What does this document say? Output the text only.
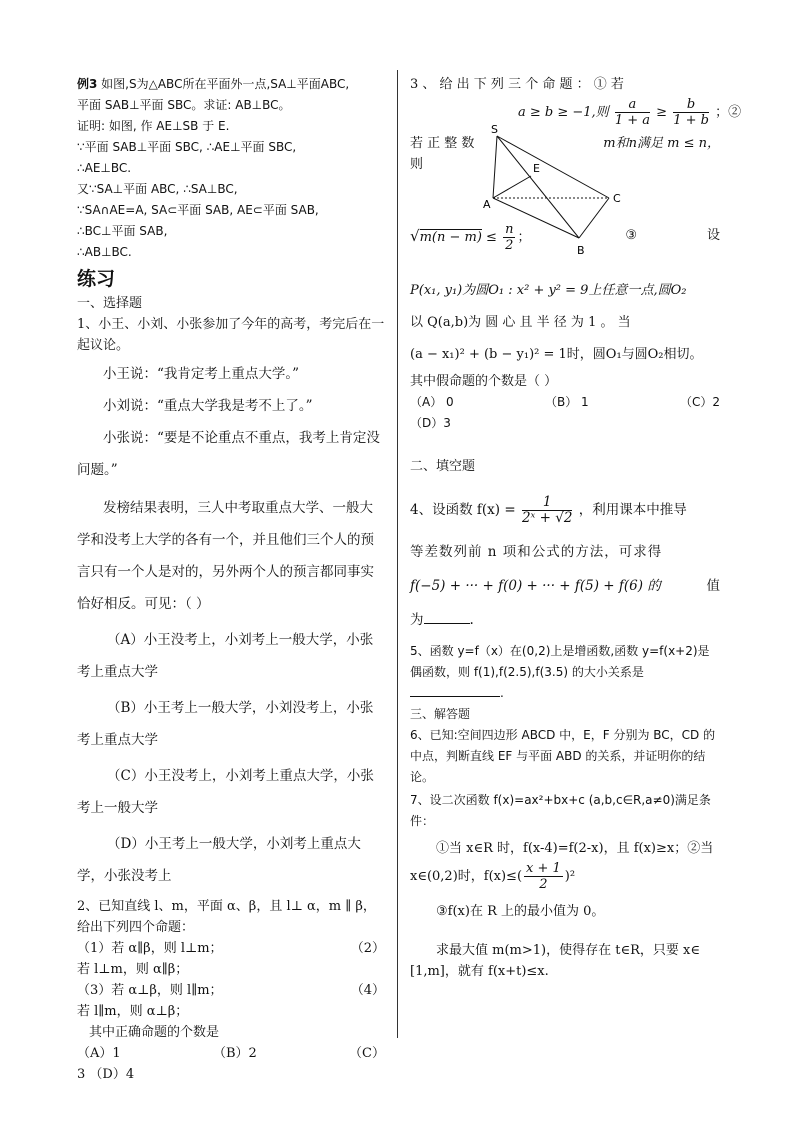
例3 如图,S为△ABC所在平面外一点,SA⊥平面ABC,
平面 SAB⊥平面 SBC。求证: AB⊥BC。
证明: 如图, 作 AE⊥SB 于 E.
∵平面 SAB⊥平面 SBC, ∴AE⊥平面 SBC,
∴AE⊥BC.
又∵SA⊥平面 ABC, ∴SA⊥BC,
∵SA∩AE=A, SA⊂平面 SAB, AE⊂平面 SAB,
∴BC⊥平面 SAB,
∴AB⊥BC.
练习
一、选择题
1、小王、小刘、小张参加了今年的高考，考完后在一起议论。
小王说：“我肯定考上重点大学。”
小刘说：“重点大学我是考不上了。”
小张说：“要是不论重点不重点，我考上肯定没问题。”
发榜结果表明，三人中考取重点大学、一般大学和没考上大学的各有一个，并且他们三个人的预言只有一个人是对的，另外两个人的预言都同事实恰好相反。可见：（ ）
（A）小王没考上，小刘考上一般大学，小张考上重点大学
（B）小王考上一般大学，小刘没考上，小张考上重点大学
（C）小王没考上，小刘考上重点大学，小张考上一般大学
（D）小王考上一般大学，小刘考上重点大学，小张没考上
2、已知直线 l、m，平面 α、β，且 l⊥ α，m ∥ β，给出下列四个命题：
（1）若 α∥β，则 l⊥m；	（2）
若 l⊥m，则 α∥β；
（3）若 α⊥β，则 l∥m；	（4）
若 l∥m，则 α⊥β；
其中正确命题的个数是
（A）1	（B）2	（C）
3 （D）4
S
E
A
B
C
3 、 给 出 下 列 三 个 命 题 ： ① 若
a ≥ b ≥ −1,则 $\frac{a}{1 + a} \ge \frac{b}{1 + b}$ ；②
若 正 整 数	m和n满足 m ≤ n，
则
$√m(n - m) \le \frac{n}{2}$ ；	③	设
P(x₁, y₁)为圆O₁ : x² + y² = 9上任意一点,圆O₂
以 Q(a,b)为 圆 心 且 半 径 为 1 。 当
(a − x₁)² + (b − y₁)² = 1时，圆O₁与圆O₂相切。
其中假命题的个数是（ ）
（A） 0	（B） 1	（C）2
（D）3
二、填空题
4、设函数 $f(x) = \frac{1}{\text{2ˣ + √2}}$ ，利用课本中推导
等差数列前 n 项和公式的方法，可求得
f(−5) + ··· + f(0) + ··· + f(5) + f(6) 的	值
为	.
5、函数 y=f（x）在(0,2)上是增函数,函数 y=f(x+2)是偶函数，则 f(1),f(2.5),f(3.5) 的大小关系是.
三、解答题
6、已知:空间四边形 ABCD 中，E，F 分别为 BC，CD 的中点，判断直线 EF 与平面 ABD 的关系，并证明你的结论。
7、设二次函数 f(x)=ax²+bx+c (a,b,c∈R,a≠0)满足条件：
①当 x∈R 时，f(x-4)=f(2-x)，且 f(x)≥x；②当
x∈(0,2)时，$f(x)\le( \frac{x + 1}{2} )^2$
③f(x)在 R 上的最小值为 0。
求最大值 m(m>1)，使得存在 t∈R，只要 x∈
[1,m]，就有 f(x+t)≤x.
